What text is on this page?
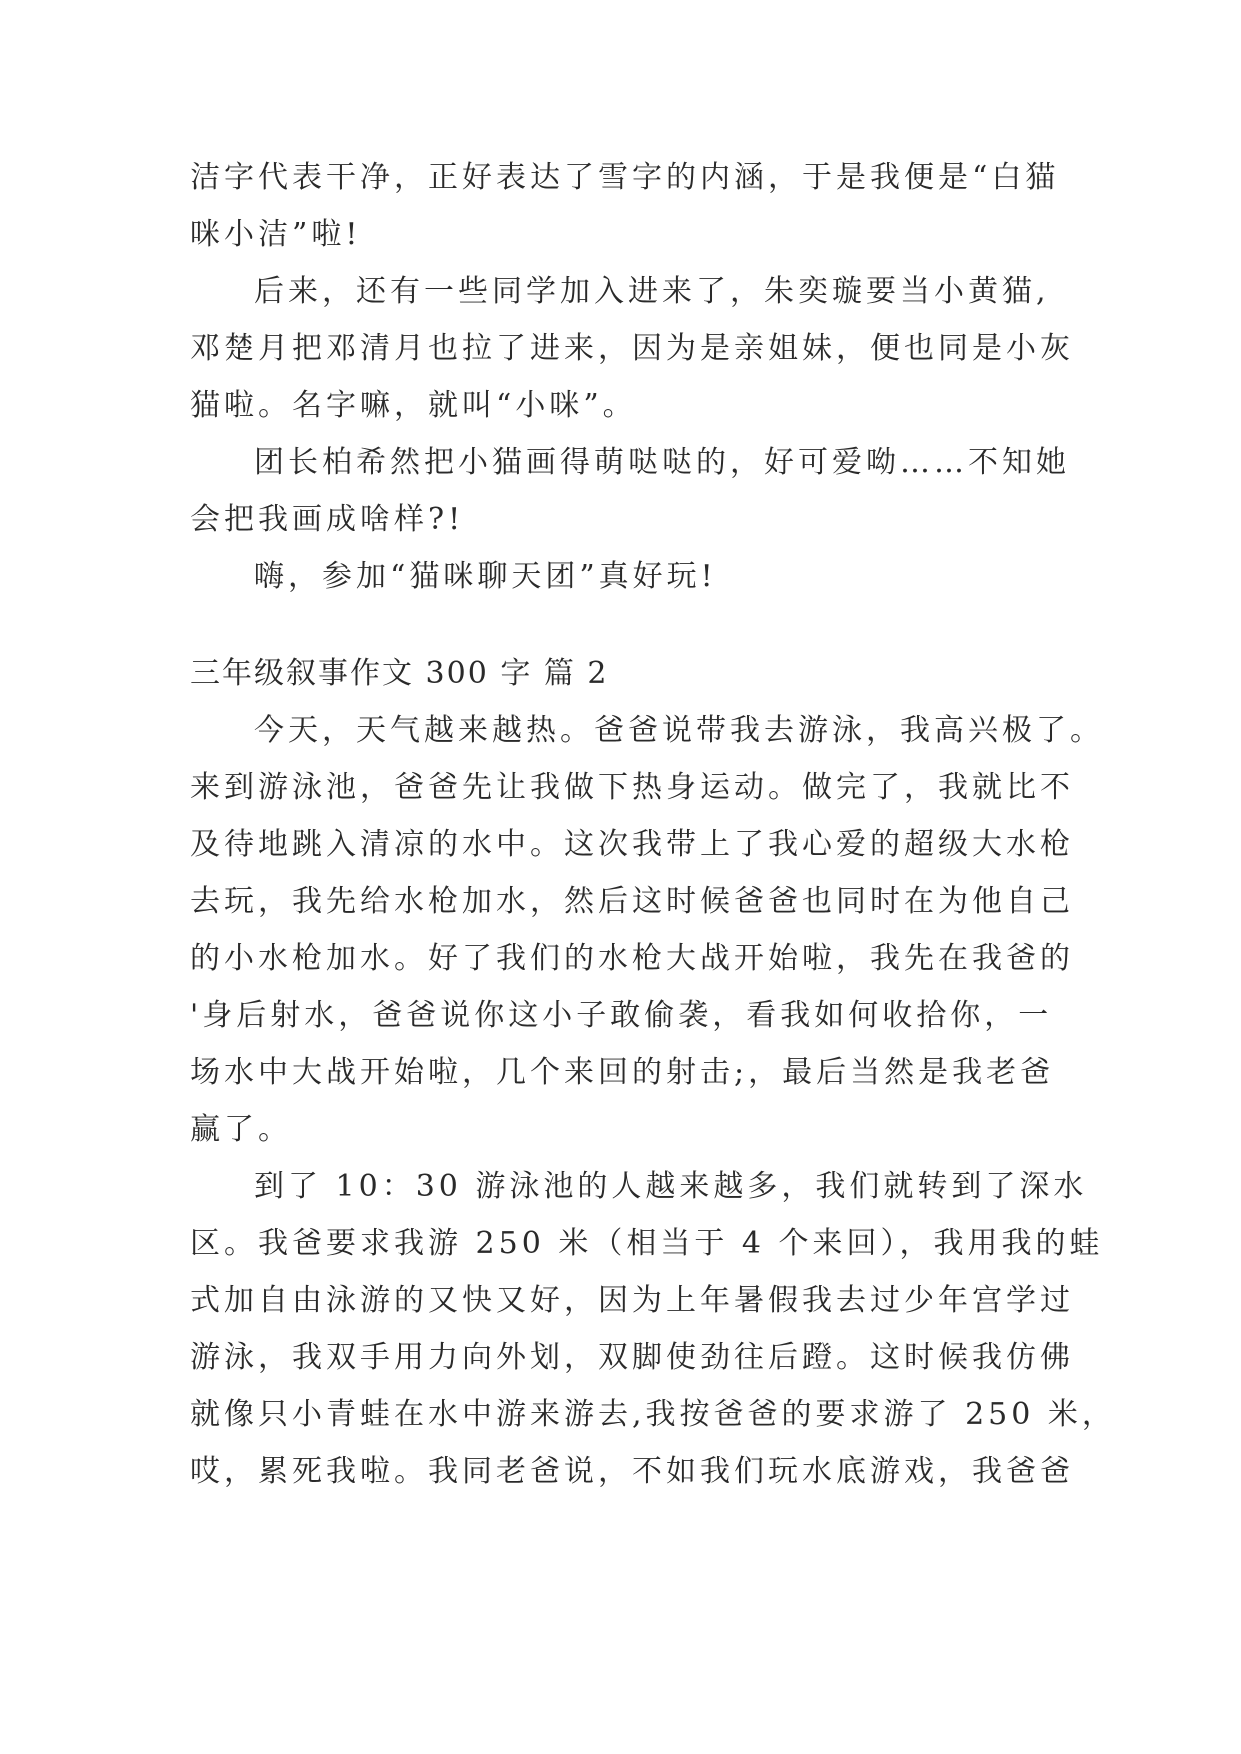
洁字代表干净，正好表达了雪字的内涵，于是我便是“白猫
咪小洁”啦!
后来，还有一些同学加入进来了，朱奕璇要当小黄猫,
邓楚月把邓清月也拉了进来，因为是亲姐妹，便也同是小灰
猫啦。名字嘛，就叫“小咪”。
团长柏希然把小猫画得萌哒哒的，好可爱呦……不知她
会把我画成啥样?!
嗨，参加“猫咪聊天团”真好玩!
三年级叙事作文 300 字 篇 2
今天，天气越来越热。爸爸说带我去游泳，我高兴极了。
来到游泳池，爸爸先让我做下热身运动。做完了，我就比不
及待地跳入清凉的水中。这次我带上了我心爱的超级大水枪
去玩，我先给水枪加水，然后这时候爸爸也同时在为他自己
的小水枪加水。好了我们的水枪大战开始啦，我先在我爸的
'身后射水，爸爸说你这小子敢偷袭，看我如何收拾你，一
场水中大战开始啦，几个来回的射击;，最后当然是我老爸
赢了。
到了 10：30 游泳池的人越来越多，我们就转到了深水
区。我爸要求我游 250 米（相当于 4 个来回），我用我的蛙
式加自由泳游的又快又好，因为上年暑假我去过少年宫学过
游泳，我双手用力向外划，双脚使劲往后蹬。这时候我仿佛
就像只小青蛙在水中游来游去,我按爸爸的要求游了 250 米，
哎，累死我啦。我同老爸说，不如我们玩水底游戏，我爸爸
